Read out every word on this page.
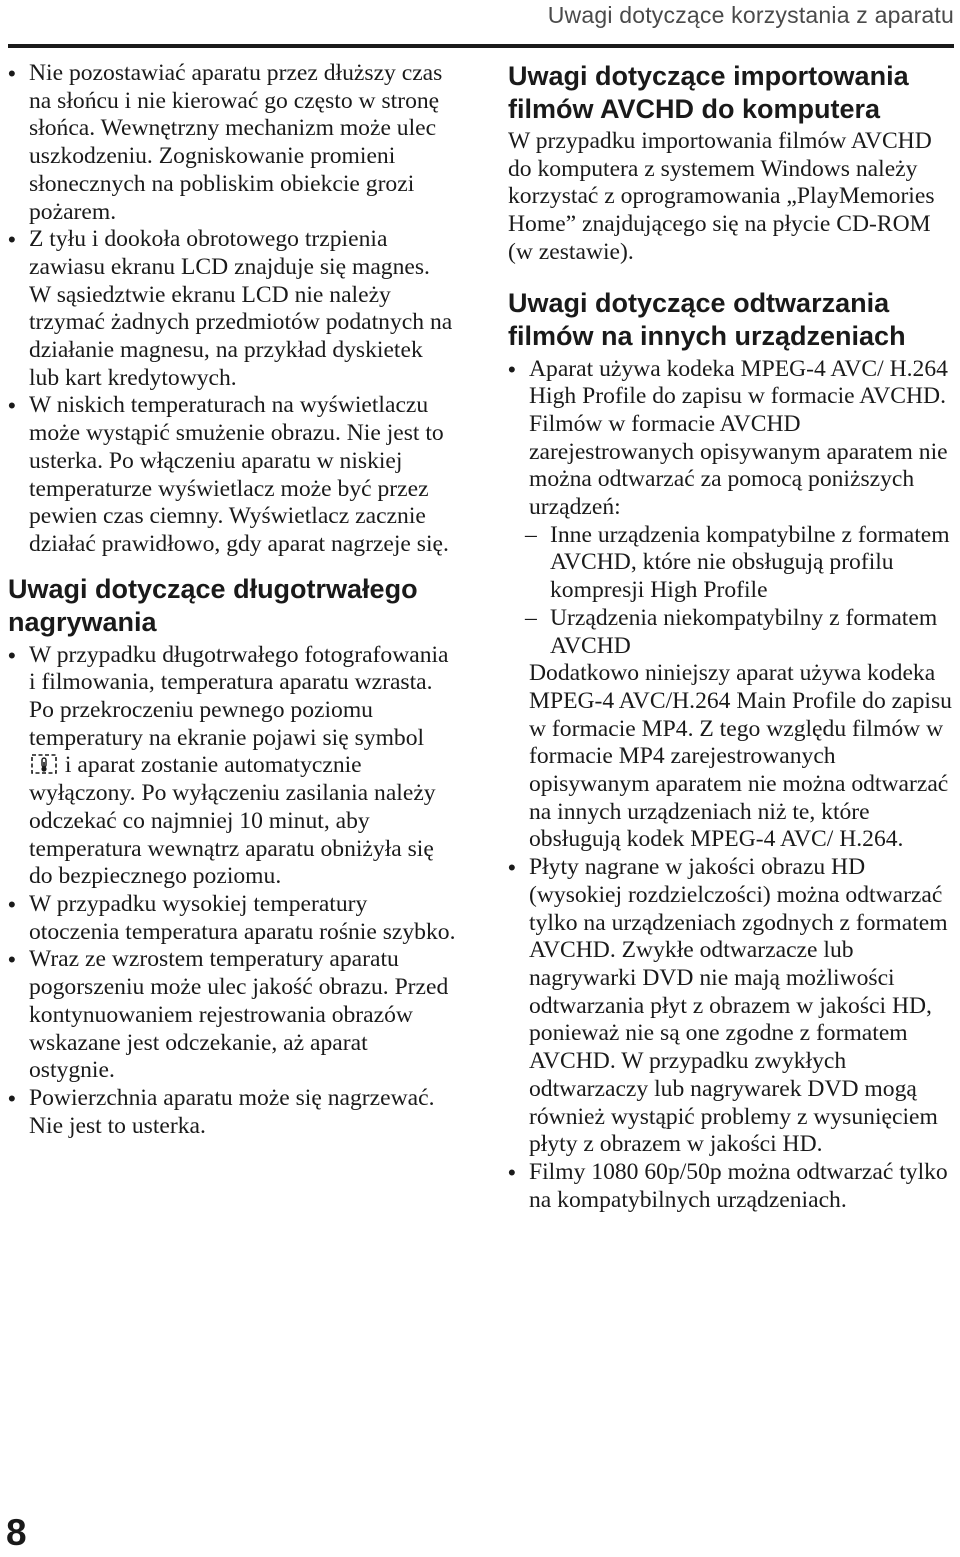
Uwagi dotyczące korzystania z aparatu
• Nie pozostawiać aparatu przez dłuższy czas na słońcu i nie kierować go często w stronę słońca. Wewnętrzny mechanizm może ulec uszkodzeniu. Zogniskowanie promieni słonecznych na pobliskim obiekcie grozi pożarem.
• Z tyłu i dookoła obrotowego trzpienia zawiasu ekranu LCD znajduje się magnes. W sąsiedztwie ekranu LCD nie należy trzymać żadnych przedmiotów podatnych na działanie magnesu, na przykład dyskietek lub kart kredytowych.
• W niskich temperaturach na wyświetlaczu może wystąpić smużenie obrazu. Nie jest to usterka. Po włączeniu aparatu w niskiej temperaturze wyświetlacz może być przez pewien czas ciemny. Wyświetlacz zacznie działać prawidłowo, gdy aparat nagrzeje się.
Uwagi dotyczące długotrwałego nagrywania
• W przypadku długotrwałego fotografowania i filmowania, temperatura aparatu wzrasta. Po przekroczeniu pewnego poziomu temperatury na ekranie pojawi się symbol  i aparat zostanie automatycznie wyłączony. Po wyłączeniu zasilania należy odczekać co najmniej 10 minut, aby temperatura wewnątrz aparatu obniżyła się do bezpiecznego poziomu.
• W przypadku wysokiej temperatury otoczenia temperatura aparatu rośnie szybko.
• Wraz ze wzrostem temperatury aparatu pogorszeniu może ulec jakość obrazu. Przed kontynuowaniem rejestrowania obrazów wskazane jest odczekanie, aż aparat ostygnie.
• Powierzchnia aparatu może się nagrzewać. Nie jest to usterka.
Uwagi dotyczące importowania filmów AVCHD do komputera

W przypadku importowania filmów AVCHD do komputera z systemem Windows należy korzystać z oprogramowania „PlayMemories Home” znajdującego się na płycie CD-ROM (w zestawie).

Uwagi dotyczące odtwarzania filmów na innych urządzeniach
• Aparat używa kodeka MPEG-4 AVC/ H.264 High Profile do zapisu w formacie AVCHD. Filmów w formacie AVCHD zarejestrowanych opisywanym aparatem nie można odtwarzać za pomocą poniższych urządzeń:
– Inne urządzenia kompatybilne z formatem AVCHD, które nie obsługują profilu kompresji High Profile
– Urządzenia niekompatybilny z formatem AVCHD
Dodatkowo niniejszy aparat używa kodeka MPEG-4 AVC/H.264 Main Profile do zapisu w formacie MP4. Z tego względu filmów w formacie MP4 zarejestrowanych opisywanym aparatem nie można odtwarzać na innych urządzeniach niż te, które obsługują kodek MPEG-4 AVC/ H.264.
• Płyty nagrane w jakości obrazu HD (wysokiej rozdzielczości) można odtwarzać tylko na urządzeniach zgodnych z formatem AVCHD. Zwykłe odtwarzacze lub nagrywarki DVD nie mają możliwości odtwarzania płyt z obrazem w jakości HD, ponieważ nie są one zgodne z formatem AVCHD. W przypadku zwykłych odtwarzaczy lub nagrywarek DVD mogą również wystąpić problemy z wysunięciem płyty z obrazem w jakości HD.
• Filmy 1080 60p/50p można odtwarzać tylko na kompatybilnych urządzeniach.
8
